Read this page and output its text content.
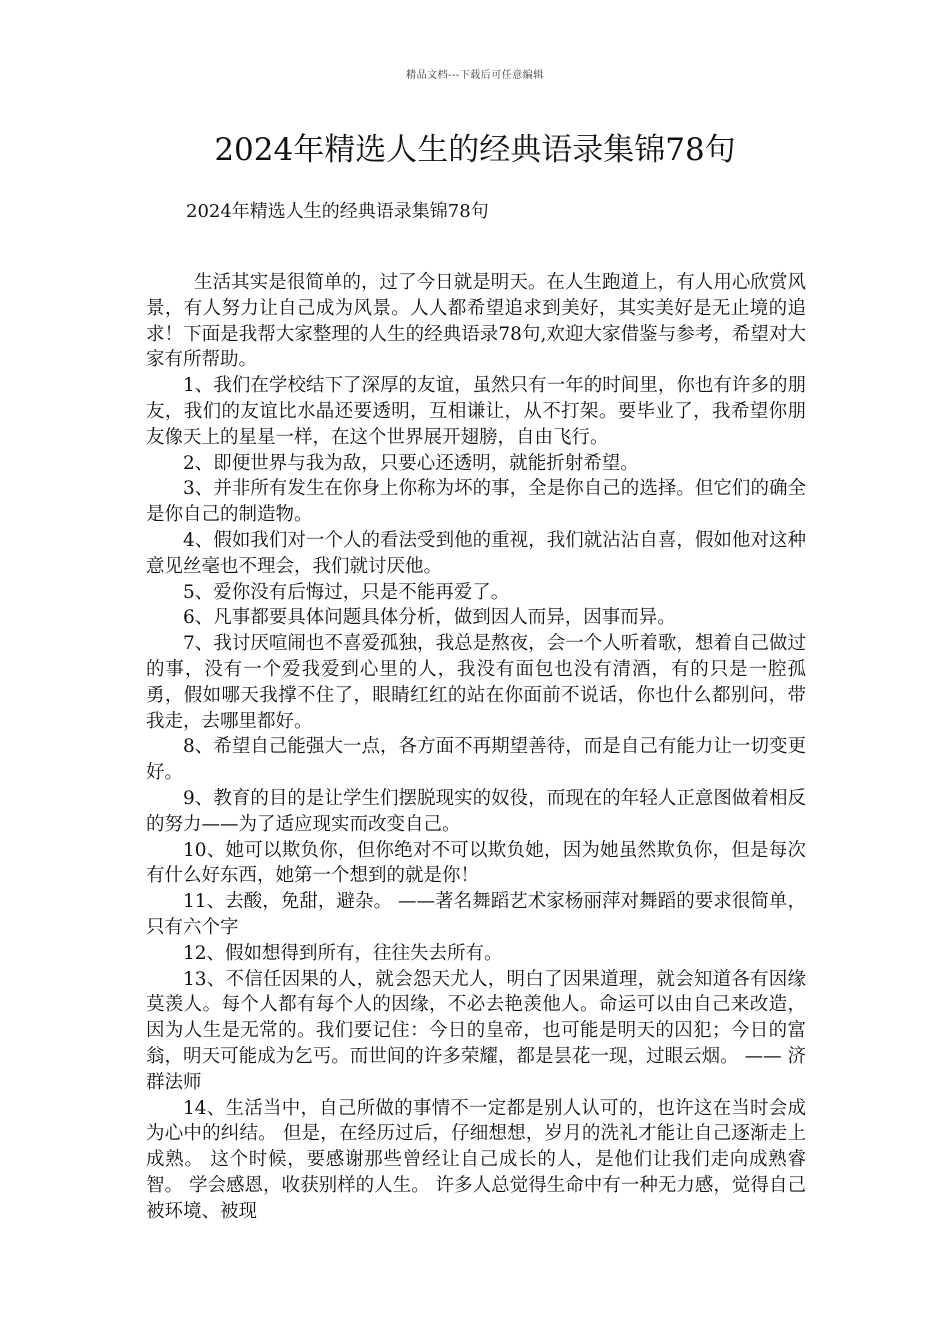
精品文档---下载后可任意编辑
2024年精选人生的经典语录集锦78句
2024年精选人生的经典语录集锦78句

生活其实是很简单的，过了今日就是明天。在人生跑道上，有人用心欣赏风景，有人努力让自己成为风景。人人都希望追求到美好，其实美好是无止境的追求！下面是我帮大家整理的人生的经典语录78句,欢迎大家借鉴与参考，希望对大家有所帮助。

1、我们在学校结下了深厚的友谊，虽然只有一年的时间里，你也有许多的朋友，我们的友谊比水晶还要透明，互相谦让，从不打架。要毕业了，我希望你朋友像天上的星星一样，在这个世界展开翅膀，自由飞行。

2、即便世界与我为敌，只要心还透明，就能折射希望。

3、并非所有发生在你身上你称为坏的事，全是你自己的选择。但它们的确全是你自己的制造物。

4、假如我们对一个人的看法受到他的重视，我们就沾沾自喜，假如他对这种意见丝毫也不理会，我们就讨厌他。

5、爱你没有后悔过，只是不能再爱了。

6、凡事都要具体问题具体分析，做到因人而异，因事而异。

7、我讨厌喧闹也不喜爱孤独，我总是熬夜，会一个人听着歌，想着自己做过的事，没有一个爱我爱到心里的人，我没有面包也没有清酒，有的只是一腔孤勇，假如哪天我撑不住了，眼睛红红的站在你面前不说话，你也什么都别问，带我走，去哪里都好。

8、希望自己能强大一点，各方面不再期望善待，而是自己有能力让一切变更好。

9、教育的目的是让学生们摆脱现实的奴役，而现在的年轻人正意图做着相反的努力——为了适应现实而改变自己。

10、她可以欺负你，但你绝对不可以欺负她，因为她虽然欺负你，但是每次有什么好东西，她第一个想到的就是你！

11、去酸，免甜，避杂。 ——著名舞蹈艺术家杨丽萍对舞蹈的要求很简单，只有六个字

12、假如想得到所有，往往失去所有。

13、不信任因果的人，就会怨天尤人，明白了因果道理，就会知道各有因缘莫羡人。每个人都有每个人的因缘，不必去艳羡他人。命运可以由自己来改造，因为人生是无常的。我们要记住：今日的皇帝，也可能是明天的囚犯；今日的富翁，明天可能成为乞丐。而世间的许多荣耀，都是昙花一现，过眼云烟。 —— 济群法师

14、生活当中，自己所做的事情不一定都是别人认可的，也许这在当时会成为心中的纠结。 但是，在经历过后，仔细想想，岁月的洗礼才能让自己逐渐走上成熟。 这个时候，要感谢那些曾经让自己成长的人，是他们让我们走向成熟睿智。 学会感恩，收获别样的人生。 许多人总觉得生命中有一种无力感，觉得自己被环境、被现
